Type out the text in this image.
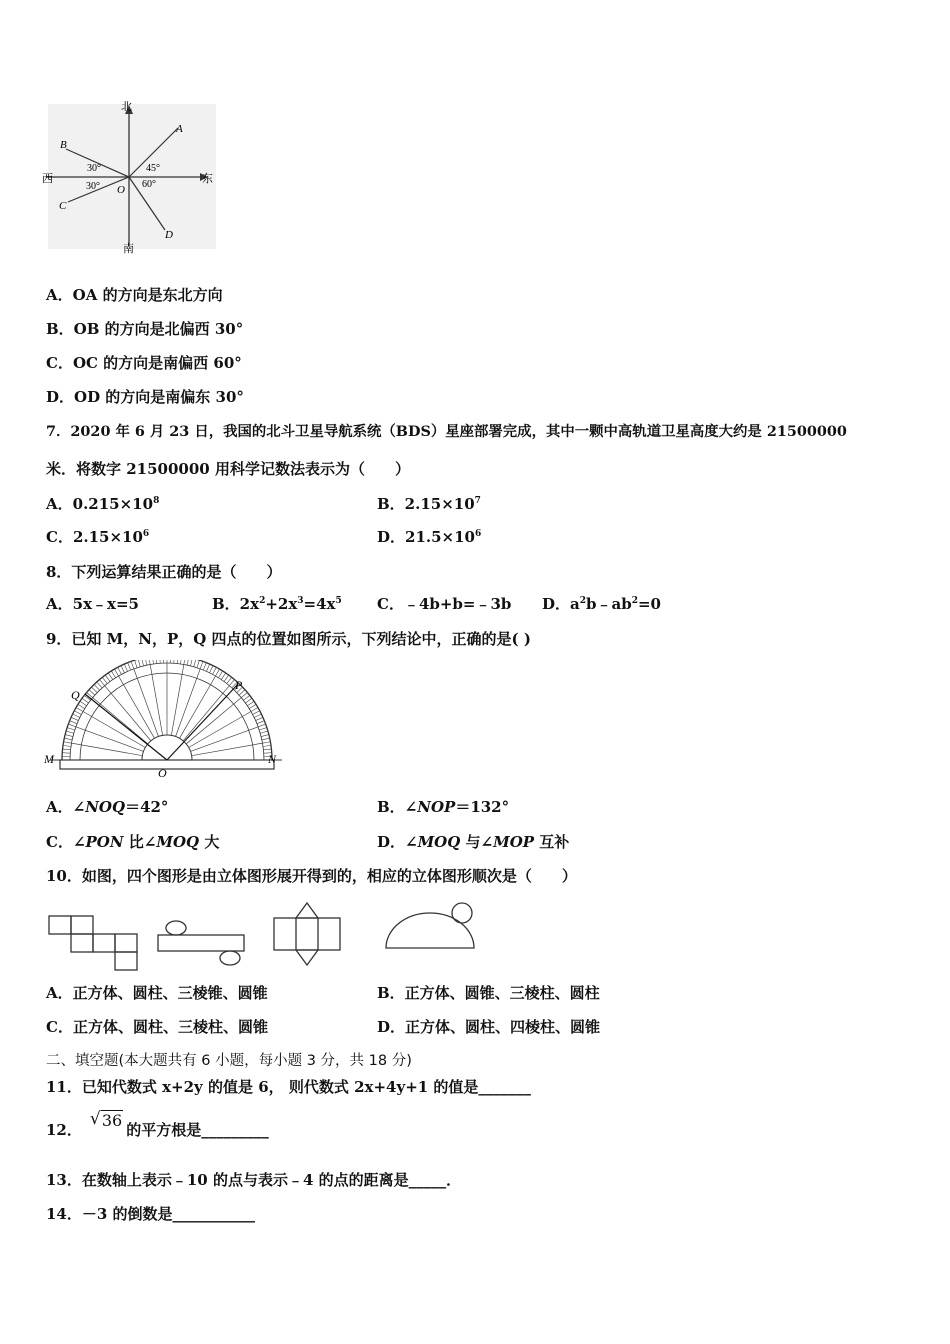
北
南
西	东
A
B
C
D
O
30°
30°
45°
60°
A．OA 的方向是东北方向
B．OB 的方向是北偏西 30°
C．OC 的方向是南偏西 60°
D．OD 的方向是南偏东 30°
7．2020 年 6 月 23 日，我国的北斗卫星导航系统（BDS）星座部署完成，其中一颗中高轨道卫星高度大约是 21500000
米．将数字 21500000 用科学记数法表示为（　　）
A．$0.215\times 10^8$	B．$2.15\times 10^7$
C．$2.15\times 10^6$	D．$21.5\times 10^6$
8．下列运算结果正确的是（　　）
A．5x﹣x=5	B．$2x^2+2x^3=4x^5$ C．﹣4b+b=﹣3b D．$a^2b﹣ab^2=0$
9．已知 M，N，P，Q 四点的位置如图所示，下列结论中，正确的是( )
M	N
P
Q
O
A．∠NOQ＝42°	B．∠NOP＝132°
C．∠PON 比∠MOQ 大	D．∠MOQ 与∠MOP 互补
10．如图，四个图形是由立体图形展开得到的，相应的立体图形顺次是（　　）
A．正方体、圆柱、三棱锥、圆锥	B．正方体、圆锥、三棱柱、圆柱
C．正方体、圆柱、三棱柱、圆锥	D．正方体、圆柱、四棱柱、圆锥
二、填空题(本大题共有 6 小题，每小题 3 分，共 18 分)
11．已知代数式 x+2y 的值是 6， 则代数式 2x+4y+1 的值是_______
12．
√ 36 的平方根是_________
13．在数轴上表示﹣10 的点与表示﹣4 的点的距离是_____．
14．－3 的倒数是___________
